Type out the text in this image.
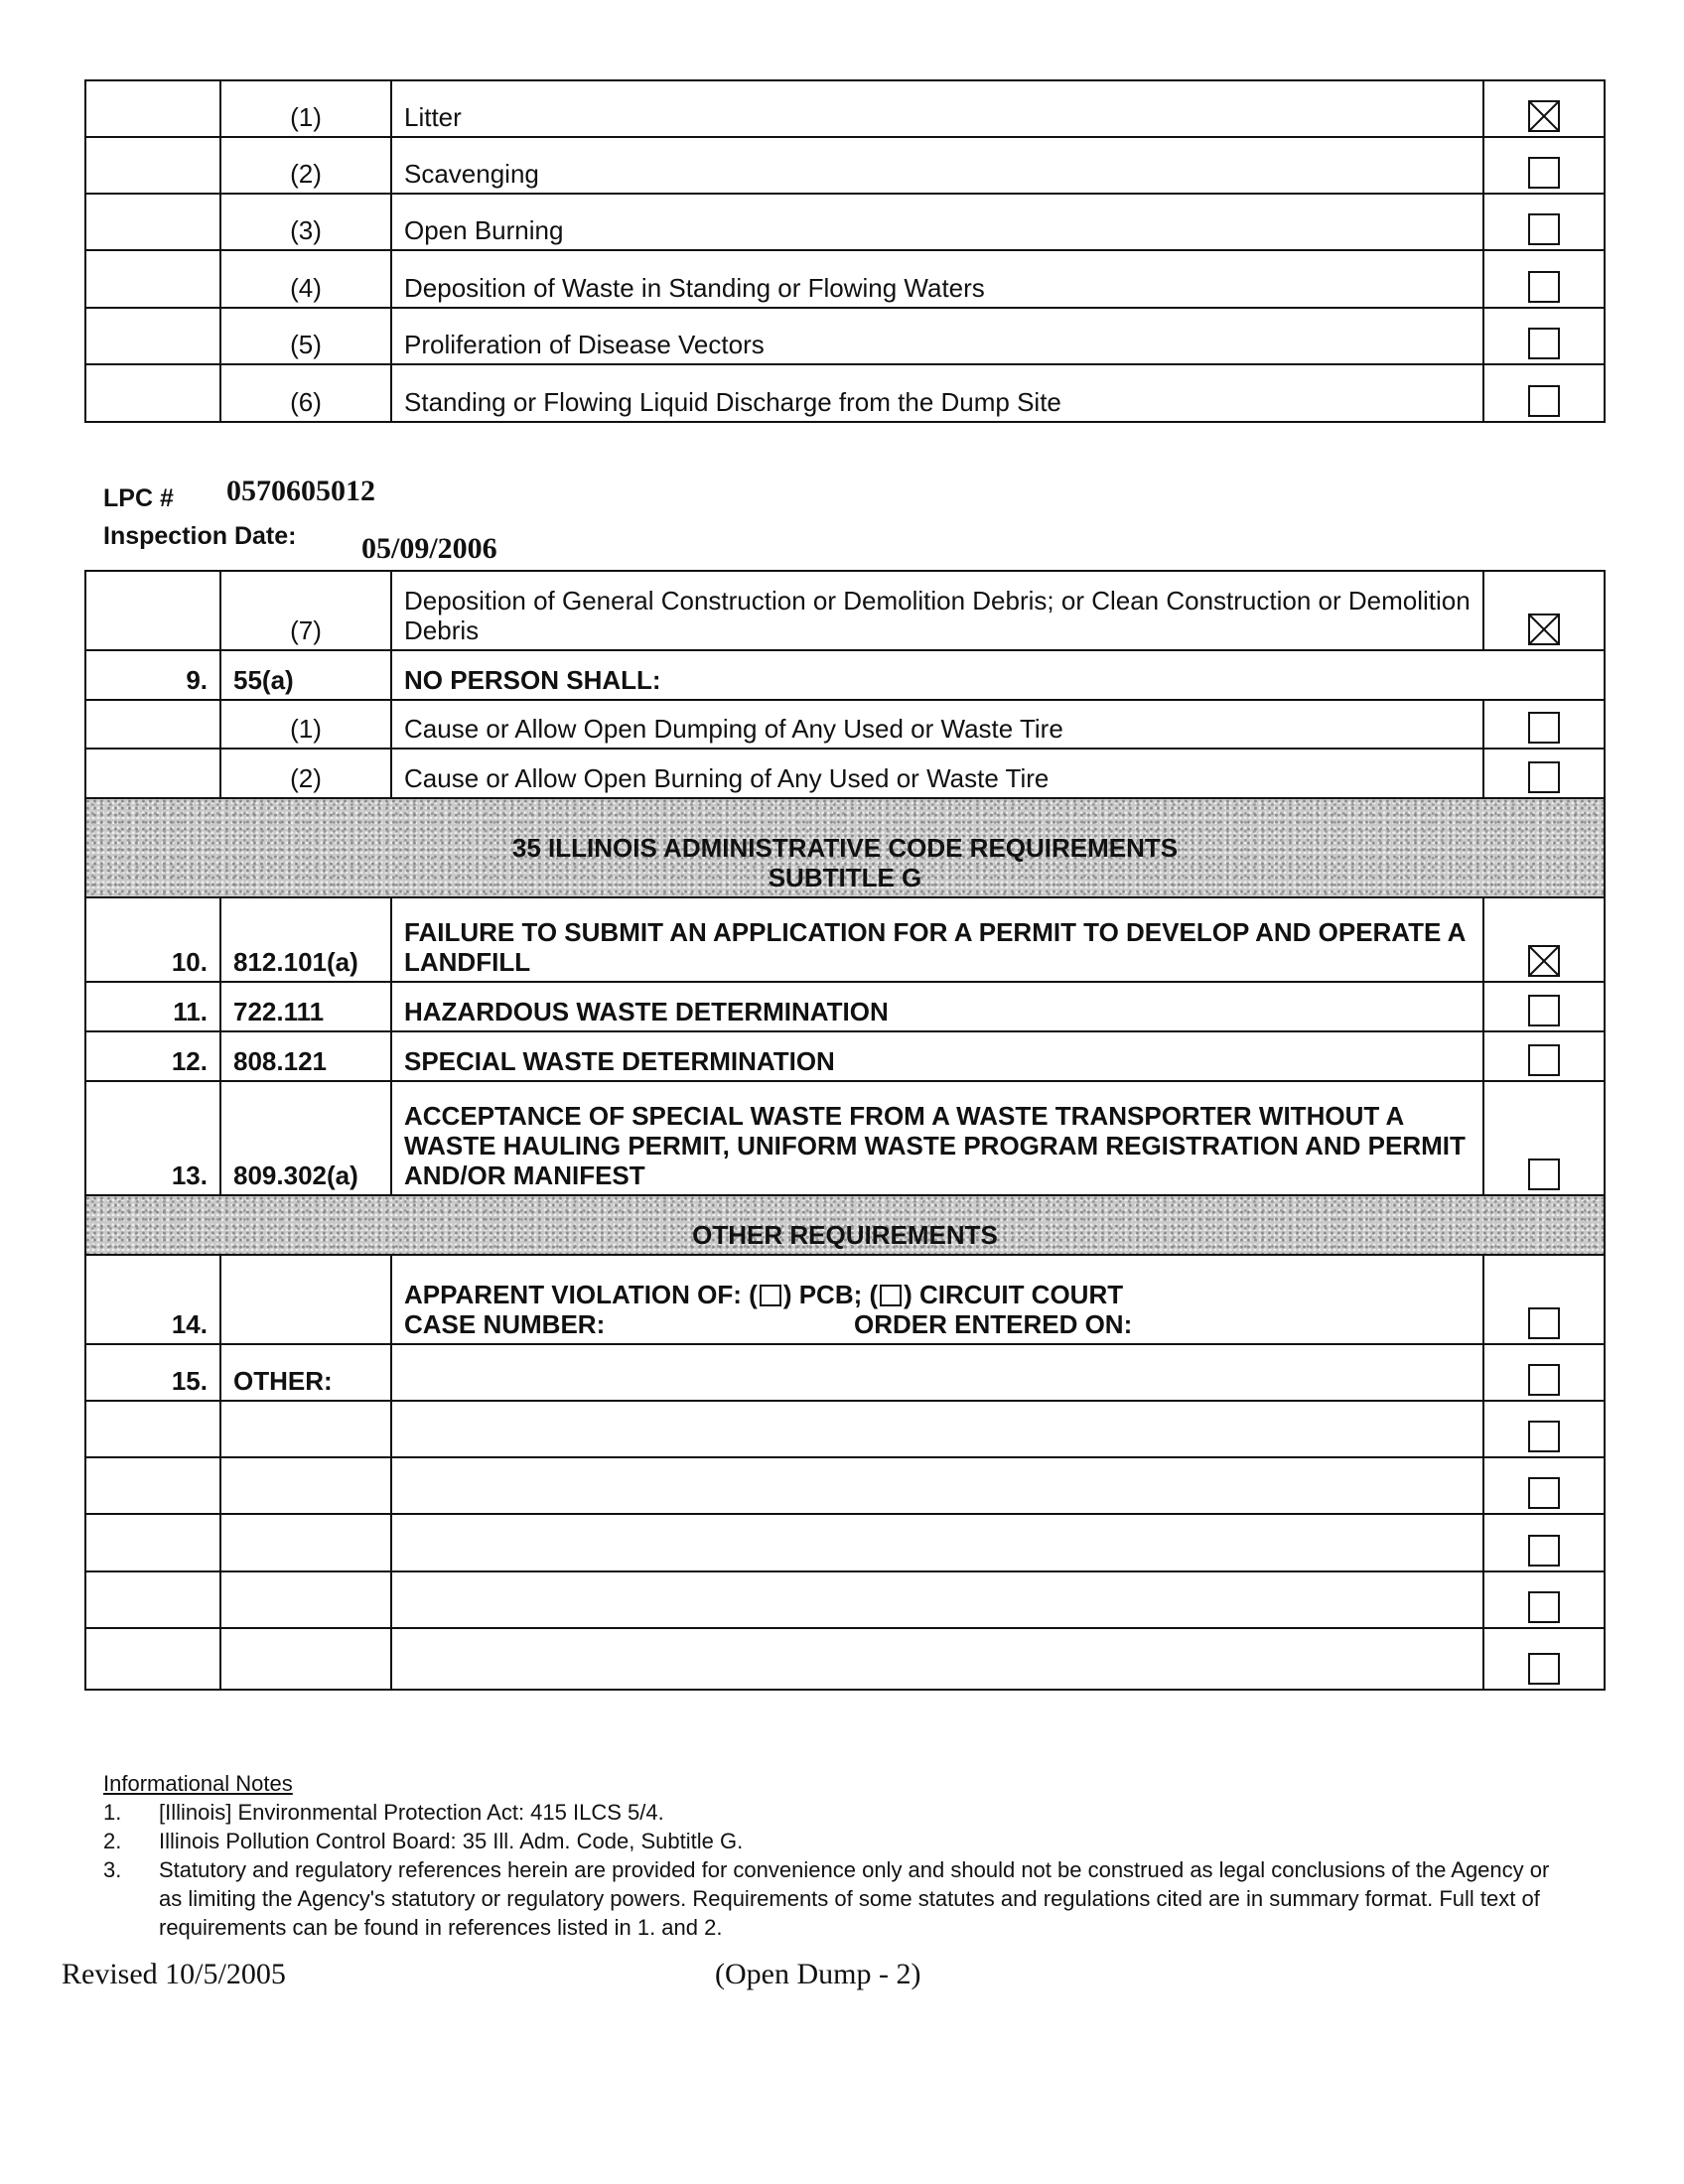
	(1)	Litter	
	(2)	Scavenging	
	(3)	Open Burning	
	(4)	Deposition of Waste in Standing or Flowing Waters	
	(5)	Proliferation of Disease Vectors	
	(6)	Standing or Flowing Liquid Discharge from the Dump Site	
LPC # 0570605012
Inspection Date: 05/09/2006
	(7)	Deposition of General Construction or Demolition Debris; or Clean Construction or Demolition Debris	
9.	55(a)	NO PERSON SHALL:	
	(1)	Cause or Allow Open Dumping of Any Used or Waste Tire	
	(2)	Cause or Allow Open Burning of Any Used or Waste Tire	

35 ILLINOIS ADMINISTRATIVE CODE REQUIREMENTS
SUBTITLE G			

10.	812.101(a)	FAILURE TO SUBMIT AN APPLICATION FOR A PERMIT TO DEVELOP AND OPERATE A LANDFILL	
11.	722.111	HAZARDOUS WASTE DETERMINATION	
12.	808.121	SPECIAL WASTE DETERMINATION	
13.	809.302(a)	ACCEPTANCE OF SPECIAL WASTE FROM A WASTE TRANSPORTER WITHOUT A WASTE HAULING PERMIT, UNIFORM WASTE PROGRAM REGISTRATION AND PERMIT AND/OR MANIFEST	

OTHER REQUIREMENTS			

14.		APPARENT VIOLATION OF: ( ) PCB; ( ) CIRCUIT COURT
CASE NUMBER: ORDER ENTERED ON:	

15.	OTHER:		

Informational Notes
1. [Illinois] Environmental Protection Act: 415 ILCS 5/4.
2. Illinois Pollution Control Board: 35 Ill. Adm. Code, Subtitle G.
3. Statutory and regulatory references herein are provided for convenience only and should not be construed as legal conclusions of the Agency or as limiting the Agency's statutory or regulatory powers. Requirements of some statutes and regulations cited are in summary format. Full text of requirements can be found in references listed in 1. and 2.
Revised 10/5/2005	(Open Dump - 2)
